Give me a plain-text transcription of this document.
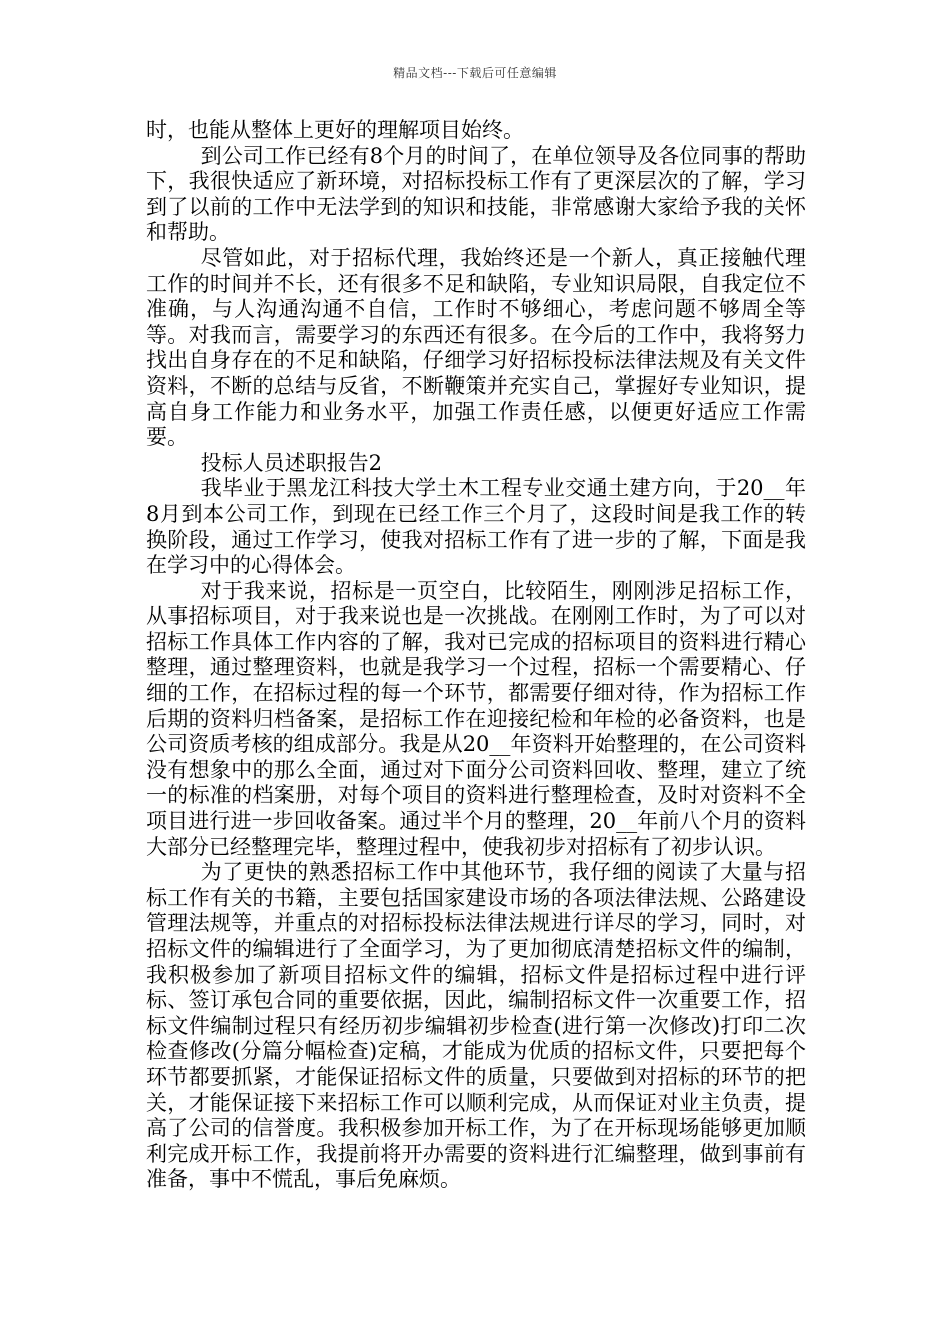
精品文档---下载后可任意编辑

时，也能从整体上更好的理解项目始终。

到公司工作已经有8个月的时间了，在单位领导及各位同事的帮助下，我很快适应了新环境，对招标投标工作有了更深层次的了解，学习到了以前的工作中无法学到的知识和技能，非常感谢大家给予我的关怀和帮助。

尽管如此，对于招标代理，我始终还是一个新人，真正接触代理工作的时间并不长，还有很多不足和缺陷，专业知识局限，自我定位不准确，与人沟通沟通不自信，工作时不够细心，考虑问题不够周全等等。对我而言，需要学习的东西还有很多。在今后的工作中，我将努力找出自身存在的不足和缺陷，仔细学习好招标投标法律法规及有关文件资料，不断的总结与反省，不断鞭策并充实自己，掌握好专业知识，提高自身工作能力和业务水平，加强工作责任感，以便更好适应工作需要。

投标人员述职报告2

我毕业于黑龙江科技大学土木工程专业交通土建方向，于20__年8月到本公司工作，到现在已经工作三个月了，这段时间是我工作的转换阶段，通过工作学习，使我对招标工作有了进一步的了解，下面是我在学习中的心得体会。

对于我来说，招标是一页空白，比较陌生，刚刚涉足招标工作，从事招标项目，对于我来说也是一次挑战。在刚刚工作时，为了可以对招标工作具体工作内容的了解，我对已完成的招标项目的资料进行精心整理，通过整理资料，也就是我学习一个过程，招标一个需要精心、仔细的工作，在招标过程的每一个环节，都需要仔细对待，作为招标工作后期的资料归档备案，是招标工作在迎接纪检和年检的必备资料，也是公司资质考核的组成部分。我是从20__年资料开始整理的，在公司资料没有想象中的那么全面，通过对下面分公司资料回收、整理，建立了统一的标准的档案册，对每个项目的资料进行整理检查，及时对资料不全项目进行进一步回收备案。通过半个月的整理，20__年前八个月的资料大部分已经整理完毕，整理过程中，使我初步对招标有了初步认识。

为了更快的熟悉招标工作中其他环节，我仔细的阅读了大量与招标工作有关的书籍，主要包括国家建设市场的各项法律法规、公路建设管理法规等，并重点的对招标投标法律法规进行详尽的学习，同时，对招标文件的编辑进行了全面学习，为了更加彻底清楚招标文件的编制，我积极参加了新项目招标文件的编辑，招标文件是招标过程中进行评标、签订承包合同的重要依据，因此，编制招标文件一次重要工作，招标文件编制过程只有经历初步编辑初步检查(进行第一次修改)打印二次检查修改(分篇分幅检查)定稿，才能成为优质的招标文件，只要把每个环节都要抓紧，才能保证招标文件的质量，只要做到对招标的环节的把关，才能保证接下来招标工作可以顺利完成，从而保证对业主负责，提高了公司的信誉度。我积极参加开标工作，为了在开标现场能够更加顺利完成开标工作，我提前将开办需要的资料进行汇编整理，做到事前有准备，事中不慌乱，事后免麻烦。
